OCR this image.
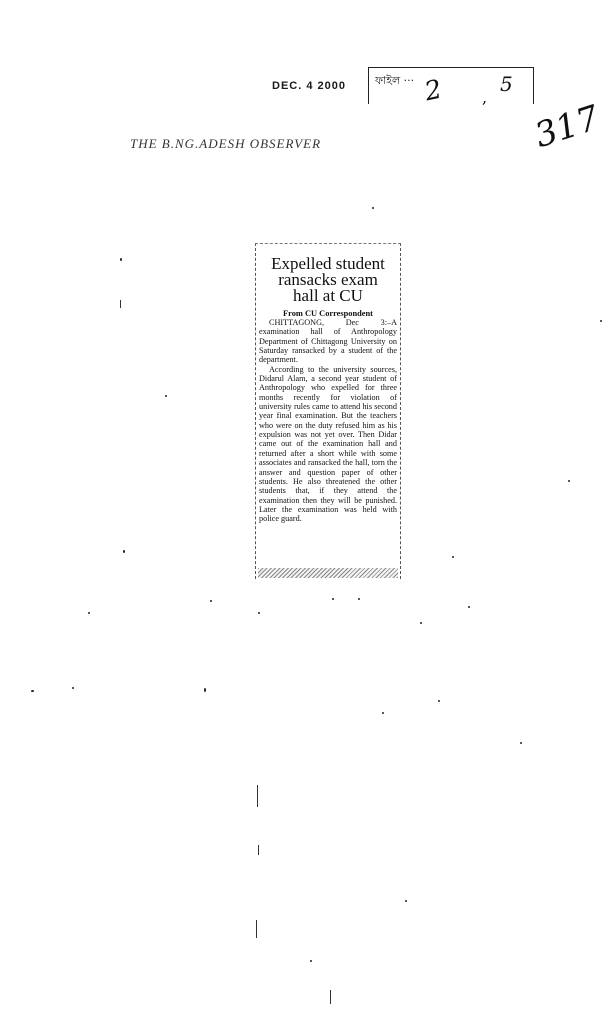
DEC. 4 2000	ফাইল ··· 2 ,
5
317
THE B.NG.ADESH OBSERVER
Expelled student
ransacks exam
hall at CU
From CU Correspondent

CHITTAGONG, Dec 3:–A examination hall of Anthropology Department of Chittagong University on Saturday ransacked by a student of the department.

According to the university sources, Didarul Alam, a second year student of Anthropology who expelled for three months recently for violation of university rules came to attend his second year final examination. But the teachers who were on the duty refused him as his expulsion was not yet over. Then Didar came out of the examination hall and returned after a short while with some associates and ransacked the hall, torn the answer and question paper of other students. He also threatened the other students that, if they attend the examination then they will be punished. Later the examination was held with police guard.
